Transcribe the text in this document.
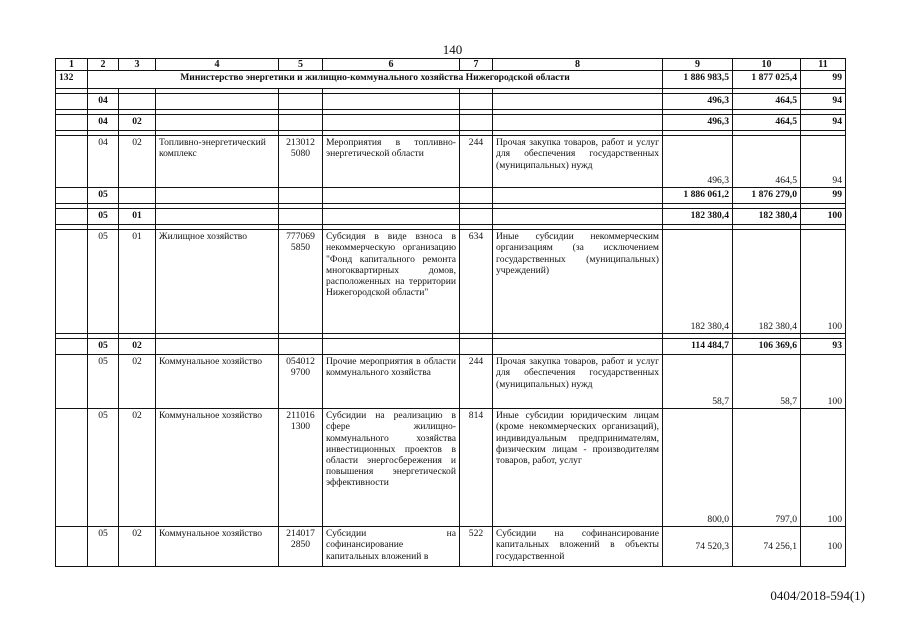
140
1	2	3	4	5	6	7	8	9	10	11
132	Министерство энергетики и жилищно-коммунального хозяйства Нижегородской области							1 886 983,5	1 877 025,4	99

	04							496,3	464,5	94

	04	02						496,3	464,5	94

	04	02	Топливно-энергетический комплекс	213012 5080	Мероприятия в топливно-энергетической области	244	Прочая закупка товаров, работ и услуг для обеспечения государственных (муниципальных) нужд	496,3	464,5	94
	05							1 886 061,2	1 876 279,0	99

	05	01						182 380,4	182 380,4	100

	05	01	Жилищное хозяйство	777069 5850	Субсидия в виде взноса в некоммерческую организацию "Фонд капитального ремонта многоквартирных домов, расположенных на территории Нижегородской области"	634	Иные субсидии некоммерческим организациям (за исключением государственных (муниципальных) учреждений)	182 380,4	182 380,4	100

	05	02						114 484,7	106 369,6	93
	05	02	Коммунальное хозяйство	054012 9700	Прочие мероприятия в области коммунального хозяйства	244	Прочая закупка товаров, работ и услуг для обеспечения государственных (муниципальных) нужд	58,7	58,7	100
	05	02	Коммунальное хозяйство	211016 1300	Субсидии на реализацию в сфере жилищно-коммунального хозяйства инвестиционных проектов в области энергосбережения и повышения энергетической эффективности	814	Иные субсидии юридическим лицам (кроме некоммерческих организаций), индивидуальным предпринимателям, физическим лицам - производителям товаров, работ, услуг	800,0	797,0	100
	05	02	Коммунальное хозяйство	214017 2850	Субсидии на софинансирование капитальных вложений в	522	Субсидии на софинансирование капитальных вложений в объекты государственной	74 520,3	74 256,1	100
0404/2018-594(1)
